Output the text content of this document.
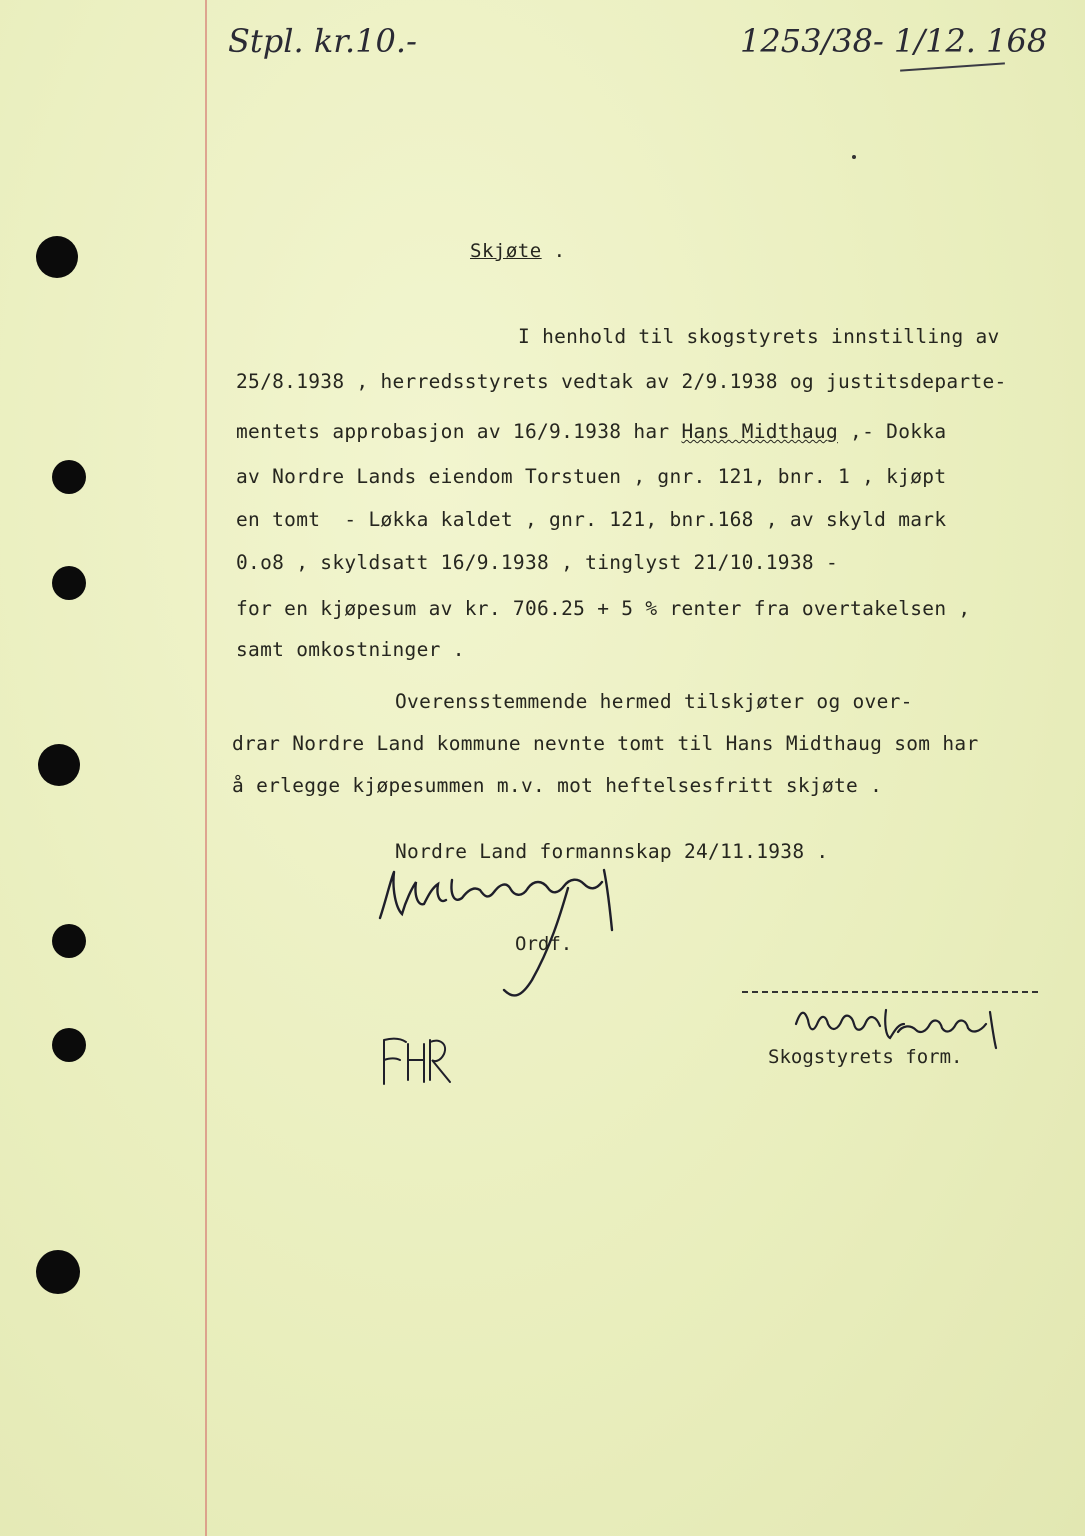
Stpl. kr.10.-	1253/38- 1/12. 168
Skjøte .
I henhold til skogstyrets innstilling av
25/8.1938 , herredsstyrets vedtak av 2/9.1938 og justitsdeparte-
mentets approbasjon av 16/9.1938 har Hans Midthaug ,- Dokka
av Nordre Lands eiendom Torstuen , gnr. 121, bnr. 1 , kjøpt
en tomt  - Løkka kaldet , gnr. 121, bnr.168 , av skyld mark
0.o8 , skyldsatt 16/9.1938 , tinglyst 21/10.1938 -
for en kjøpesum av kr. 706.25 + 5 % renter fra overtakelsen ,
samt omkostninger .
Overensstemmende hermed tilskjøter og over-
drar Nordre Land kommune nevnte tomt til Hans Midthaug som har
å erlegge kjøpesummen m.v. mot heftelsesfritt skjøte .
Nordre Land formannskap 24/11.1938 .
Ordf.
Skogstyrets form.
